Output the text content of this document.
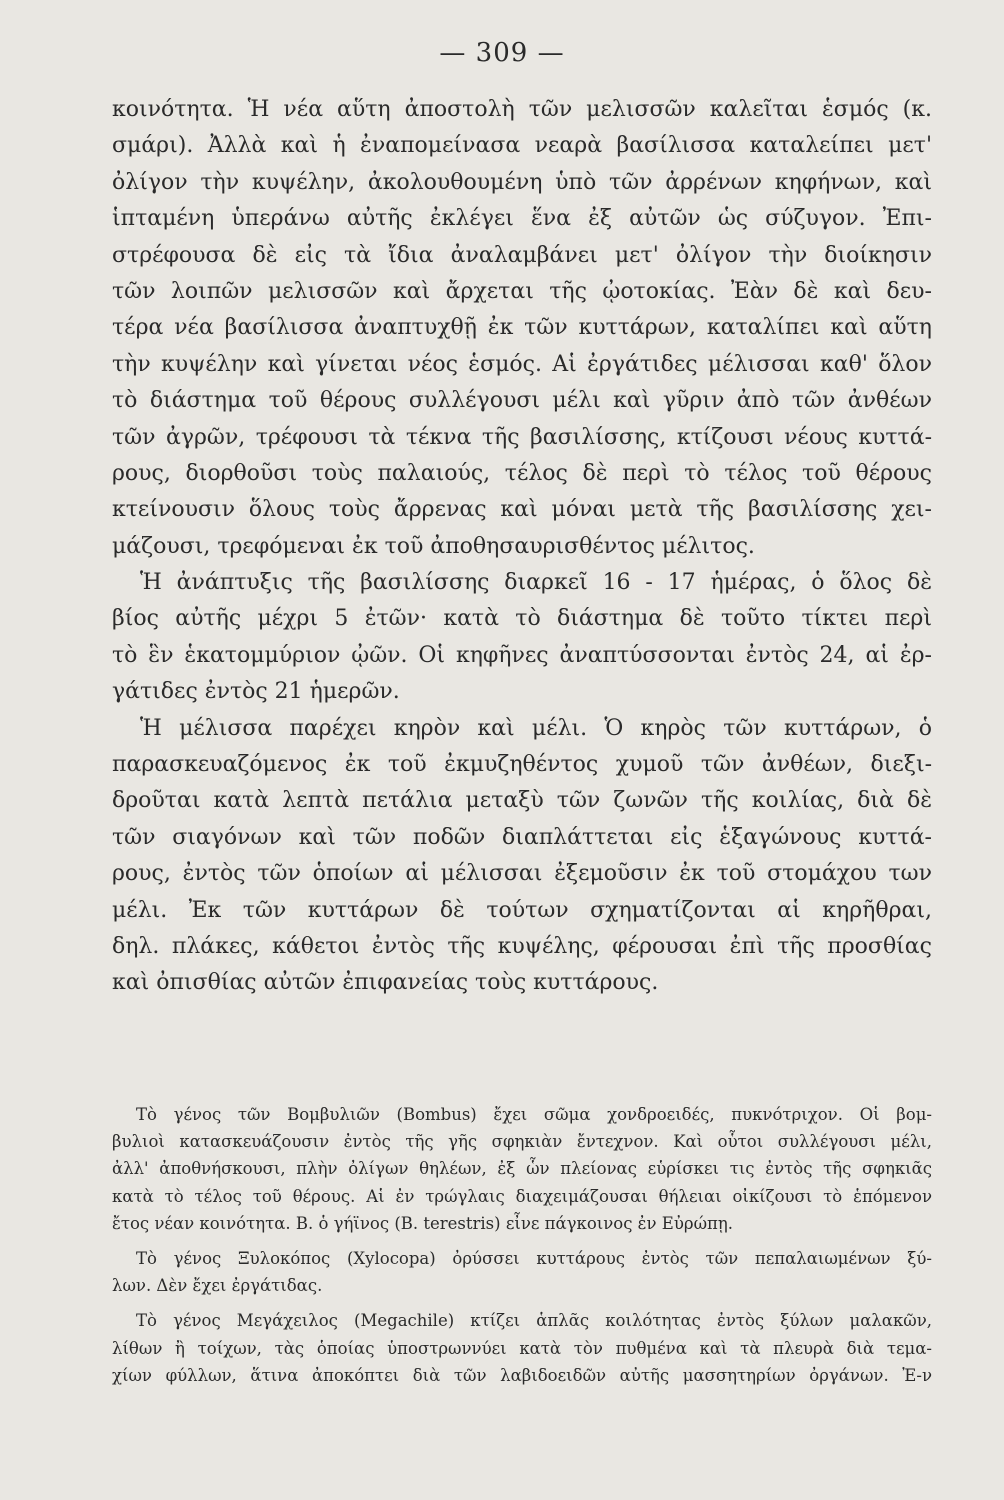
— 309 —
κοινότητα. Ἡ νέα αὕτη ἀποστολὴ τῶν μελισσῶν καλεῖται ἑσμός (κ.
σμάρι). Ἀλλὰ καὶ ἡ ἐναπομείνασα νεαρὰ βασίλισσα καταλείπει μετ'
ὀλίγον τὴν κυψέλην, ἀκολουθουμένη ὑπὸ τῶν ἀρρένων κηφήνων, καὶ
ἱπταμένη ὑπεράνω αὐτῆς ἐκλέγει ἕνα ἐξ αὐτῶν ὡς σύζυγον. Ἐπι-
στρέφουσα δὲ εἰς τὰ ἴδια ἀναλαμβάνει μετ' ὀλίγον τὴν διοίκησιν
τῶν λοιπῶν μελισσῶν καὶ ἄρχεται τῆς ᾠοτοκίας. Ἐὰν δὲ καὶ δευ-
τέρα νέα βασίλισσα ἀναπτυχθῇ ἐκ τῶν κυττάρων, καταλίπει καὶ αὕτη
τὴν κυψέλην καὶ γίνεται νέος ἑσμός. Αἱ ἐργάτιδες μέλισσαι καθ' ὅλον
τὸ διάστημα τοῦ θέρους συλλέγουσι μέλι καὶ γῦριν ἀπὸ τῶν ἀνθέων
τῶν ἀγρῶν, τρέφουσι τὰ τέκνα τῆς βασιλίσσης, κτίζουσι νέους κυττά-
ρους, διορθοῦσι τοὺς παλαιούς, τέλος δὲ περὶ τὸ τέλος τοῦ θέρους
κτείνουσιν ὅλους τοὺς ἄρρενας καὶ μόναι μετὰ τῆς βασιλίσσης χει-
μάζουσι, τρεφόμεναι ἐκ τοῦ ἀποθησαυρισθέντος μέλιτος.
Ἡ ἀνάπτυξις τῆς βασιλίσσης διαρκεῖ 16 - 17 ἡμέρας, ὁ ὅλος δὲ
βίος αὐτῆς μέχρι 5 ἐτῶν· κατὰ τὸ διάστημα δὲ τοῦτο τίκτει περὶ
τὸ ἓν ἑκατομμύριον ᾠῶν. Οἱ κηφῆνες ἀναπτύσσονται ἐντὸς 24, αἱ ἐρ-
γάτιδες ἐντὸς 21 ἡμερῶν.
Ἡ μέλισσα παρέχει κηρὸν καὶ μέλι. Ὁ κηρὸς τῶν κυττάρων, ὁ
παρασκευαζόμενος ἐκ τοῦ ἐκμυζηθέντος χυμοῦ τῶν ἀνθέων, διεξι-
δροῦται κατὰ λεπτὰ πετάλια μεταξὺ τῶν ζωνῶν τῆς κοιλίας, διὰ δὲ
τῶν σιαγόνων καὶ τῶν ποδῶν διαπλάττεται εἰς ἑξαγώνους κυττά-
ρους, ἐντὸς τῶν ὁποίων αἱ μέλισσαι ἐξεμοῦσιν ἐκ τοῦ στομάχου των
μέλι. Ἐκ τῶν κυττάρων δὲ τούτων σχηματίζονται αἱ κηρῆθραι,
δηλ. πλάκες, κάθετοι ἐντὸς τῆς κυψέλης, φέρουσαι ἐπὶ τῆς προσθίας
καὶ ὀπισθίας αὐτῶν ἐπιφανείας τοὺς κυττάρους.
Τὸ γένος τῶν Βομβυλιῶν (Bombus) ἔχει σῶμα χονδροειδές, πυκνότριχον. Οἱ βομ-
βυλιοὶ κατασκευάζουσιν ἐντὸς τῆς γῆς σφηκιὰν ἔντεχνον. Καὶ οὗτοι συλλέγουσι μέλι,
ἀλλ' ἀποθνήσκουσι, πλὴν ὀλίγων θηλέων, ἐξ ὧν πλείονας εὑρίσκει τις ἐντὸς τῆς σφηκιᾶς
κατὰ τὸ τέλος τοῦ θέρους. Αἱ ἐν τρώγλαις διαχειμάζουσαι θήλειαι οἰκίζουσι τὸ ἑπόμενον
ἔτος νέαν κοινότητα. Β. ὁ γήϊνος (B. terestris) εἶνε πάγκοινος ἐν Εὐρώπῃ.
Τὸ γένος Ξυλοκόπος (Xylocopa) ὀρύσσει κυττάρους ἐντὸς τῶν πεπαλαιωμένων ξύ-
λων. Δὲν ἔχει ἐργάτιδας.
Τὸ γένος Μεγάχειλος (Megachile) κτίζει ἁπλᾶς κοιλότητας ἐντὸς ξύλων μαλακῶν,
λίθων ἢ τοίχων, τὰς ὁποίας ὑποστρωννύει κατὰ τὸν πυθμένα καὶ τὰ πλευρὰ διὰ τεμα-
χίων φύλλων, ἅτινα ἀποκόπτει διὰ τῶν λαβιδοειδῶν αὐτῆς μασσητηρίων ὀργάνων. Ἐ-ν
